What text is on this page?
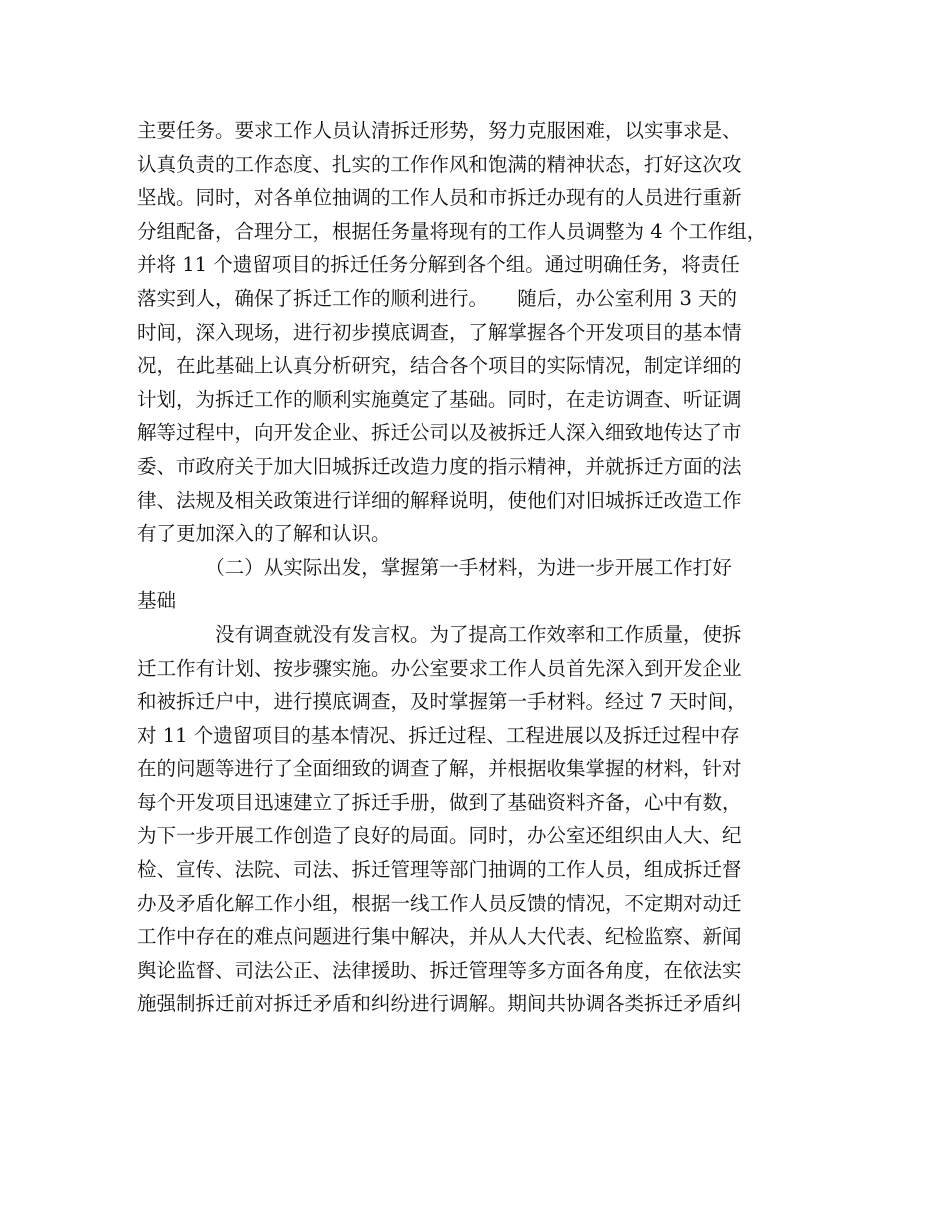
主要任务。要求工作人员认清拆迁形势，努力克服困难，以实事求是、
认真负责的工作态度、扎实的工作作风和饱满的精神状态，打好这次攻
坚战。同时，对各单位抽调的工作人员和市拆迁办现有的人员进行重新
分组配备，合理分工，根据任务量将现有的工作人员调整为 4 个工作组，
并将 11 个遗留项目的拆迁任务分解到各个组。通过明确任务，将责任
落实到人，确保了拆迁工作的顺利进行。　　随后，办公室利用 3 天的
时间，深入现场，进行初步摸底调查，了解掌握各个开发项目的基本情
况，在此基础上认真分析研究，结合各个项目的实际情况，制定详细的
计划，为拆迁工作的顺利实施奠定了基础。同时，在走访调查、听证调
解等过程中，向开发企业、拆迁公司以及被拆迁人深入细致地传达了市
委、市政府关于加大旧城拆迁改造力度的指示精神，并就拆迁方面的法
律、法规及相关政策进行详细的解释说明，使他们对旧城拆迁改造工作
有了更加深入的了解和认识。
　　　　（二）从实际出发，掌握第一手材料，为进一步开展工作打好
基础
　　　　没有调查就没有发言权。为了提高工作效率和工作质量，使拆
迁工作有计划、按步骤实施。办公室要求工作人员首先深入到开发企业
和被拆迁户中，进行摸底调查，及时掌握第一手材料。经过 7 天时间，
对 11 个遗留项目的基本情况、拆迁过程、工程进展以及拆迁过程中存
在的问题等进行了全面细致的调查了解，并根据收集掌握的材料，针对
每个开发项目迅速建立了拆迁手册，做到了基础资料齐备，心中有数，
为下一步开展工作创造了良好的局面。同时，办公室还组织由人大、纪
检、宣传、法院、司法、拆迁管理等部门抽调的工作人员，组成拆迁督
办及矛盾化解工作小组，根据一线工作人员反馈的情况，不定期对动迁
工作中存在的难点问题进行集中解决，并从人大代表、纪检监察、新闻
舆论监督、司法公正、法律援助、拆迁管理等多方面各角度，在依法实
施强制拆迁前对拆迁矛盾和纠纷进行调解。期间共协调各类拆迁矛盾纠
